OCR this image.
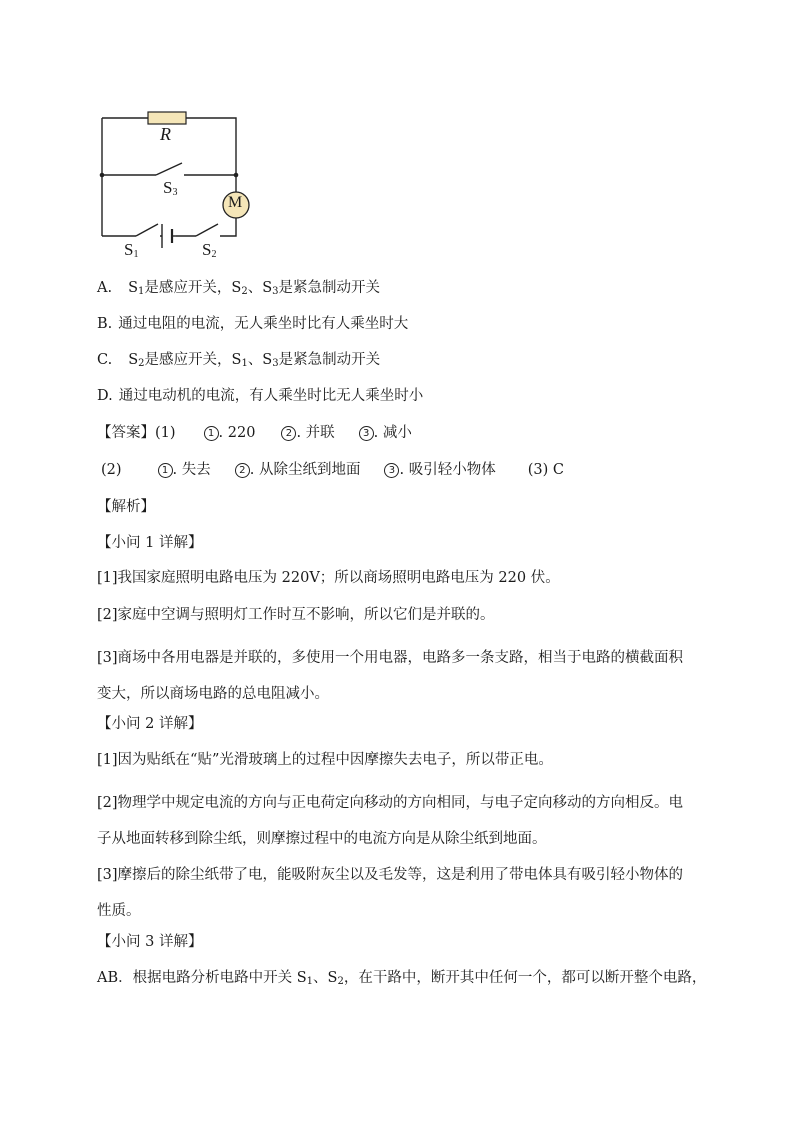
R
$S_3$
M
$S_1$	$S_2$
A. $S_1$是感应开关，$S_2$、$S_3$是紧急制动开关
B. 通过电阻的电流，无人乘坐时比有人乘坐时大
C. $S_2$是感应开关，$S_1$、$S_3$是紧急制动开关
D. 通过电动机的电流，有人乘坐时比无人乘坐时小
【答案】(1)	1 . 220	2 . 并联	3 . 减小
(2)	1 . 失去	2 . 从除尘纸到地面	3 . 吸引轻小物体 (3) C
【解析】
【小问 1 详解】
[1]我国家庭照明电路电压为 220V；所以商场照明电路电压为 220 伏。
[2]家庭中空调与照明灯工作时互不影响，所以它们是并联的。
[3]商场中各用电器是并联的，多使用一个用电器，电路多一条支路，相当于电路的横截面积变大，所以商场电路的总电阻减小。
【小问 2 详解】
[1]因为贴纸在“贴”光滑玻璃上的过程中因摩擦失去电子，所以带正电。
[2]物理学中规定电流的方向与正电荷定向移动的方向相同，与电子定向移动的方向相反。电子从地面转移到除尘纸，则摩擦过程中的电流方向是从除尘纸到地面。
[3]摩擦后的除尘纸带了电，能吸附灰尘以及毛发等，这是利用了带电体具有吸引轻小物体的性质。
【小问 3 详解】
AB．根据电路分析电路中开关 $S_1$、$S_2$，在干路中，断开其中任何一个，都可以断开整个电路，
